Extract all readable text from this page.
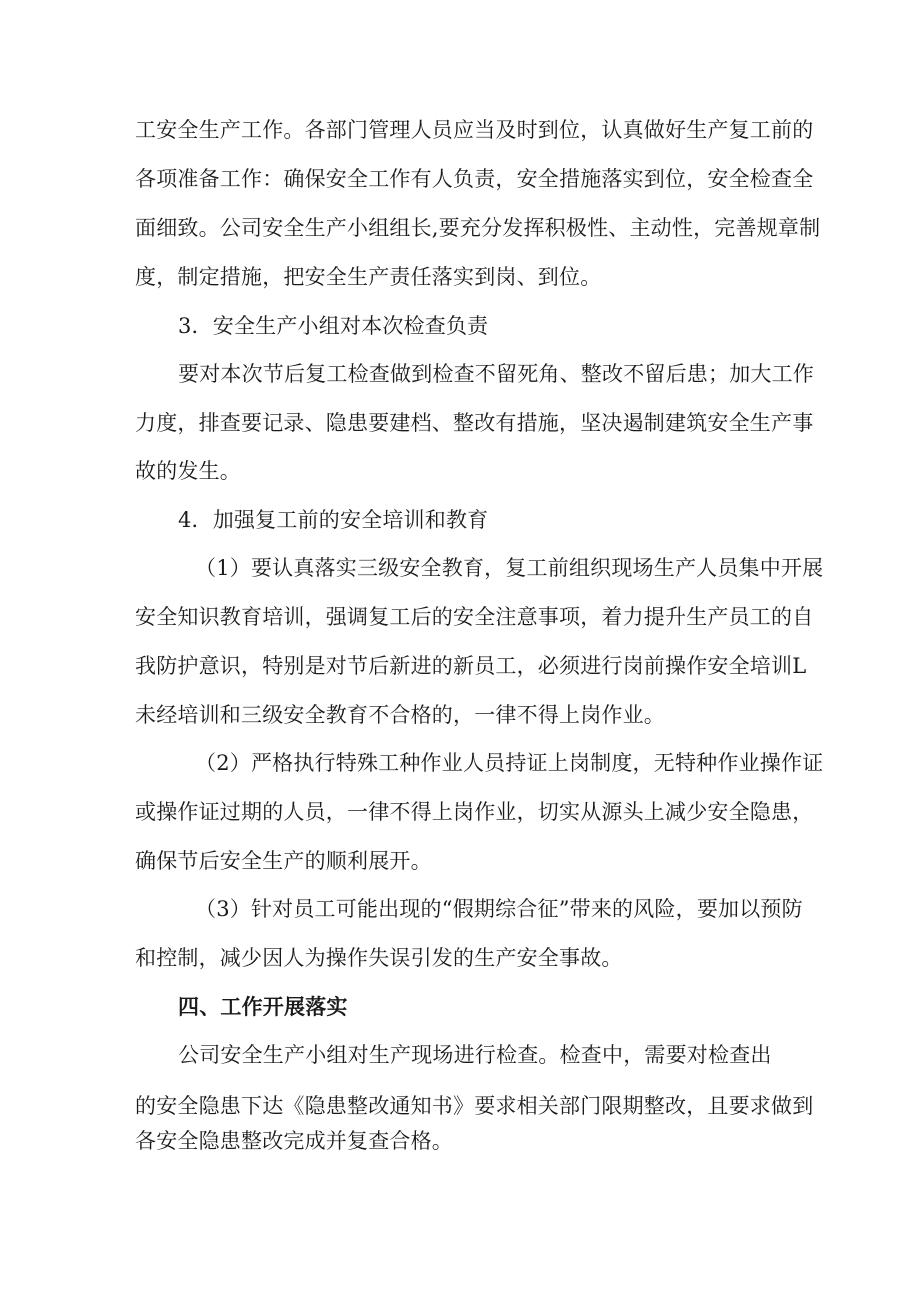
工安全生产工作。各部门管理人员应当及时到位，认真做好生产复工前的
各项准备工作：确保安全工作有人负责，安全措施落实到位，安全检查全
面细致。公司安全生产小组组长,要充分发挥积极性、主动性，完善规章制
度，制定措施，把安全生产责任落实到岗、到位。
3．安全生产小组对本次检查负责
要对本次节后复工检查做到检查不留死角、整改不留后患；加大工作
力度，排查要记录、隐患要建档、整改有措施，坚决遏制建筑安全生产事
故的发生。
4．加强复工前的安全培训和教育
（1）要认真落实三级安全教育，复工前组织现场生产人员集中开展
安全知识教育培训，强调复工后的安全注意事项，着力提升生产员工的自
我防护意识，特别是对节后新进的新员工，必须进行岗前操作安全培训L
未经培训和三级安全教育不合格的，一律不得上岗作业。
（2）严格执行特殊工种作业人员持证上岗制度，无特种作业操作证
或操作证过期的人员，一律不得上岗作业，切实从源头上减少安全隐患，
确保节后安全生产的顺利展开。
（3）针对员工可能出现的“假期综合征”带来的风险，要加以预防
和控制，减少因人为操作失误引发的生产安全事故。
四、工作开展落实
公司安全生产小组对生产现场进行检查。检查中，需要对检查出
的安全隐患下达《隐患整改通知书》要求相关部门限期整改，且要求做到
各安全隐患整改完成并复查合格。
